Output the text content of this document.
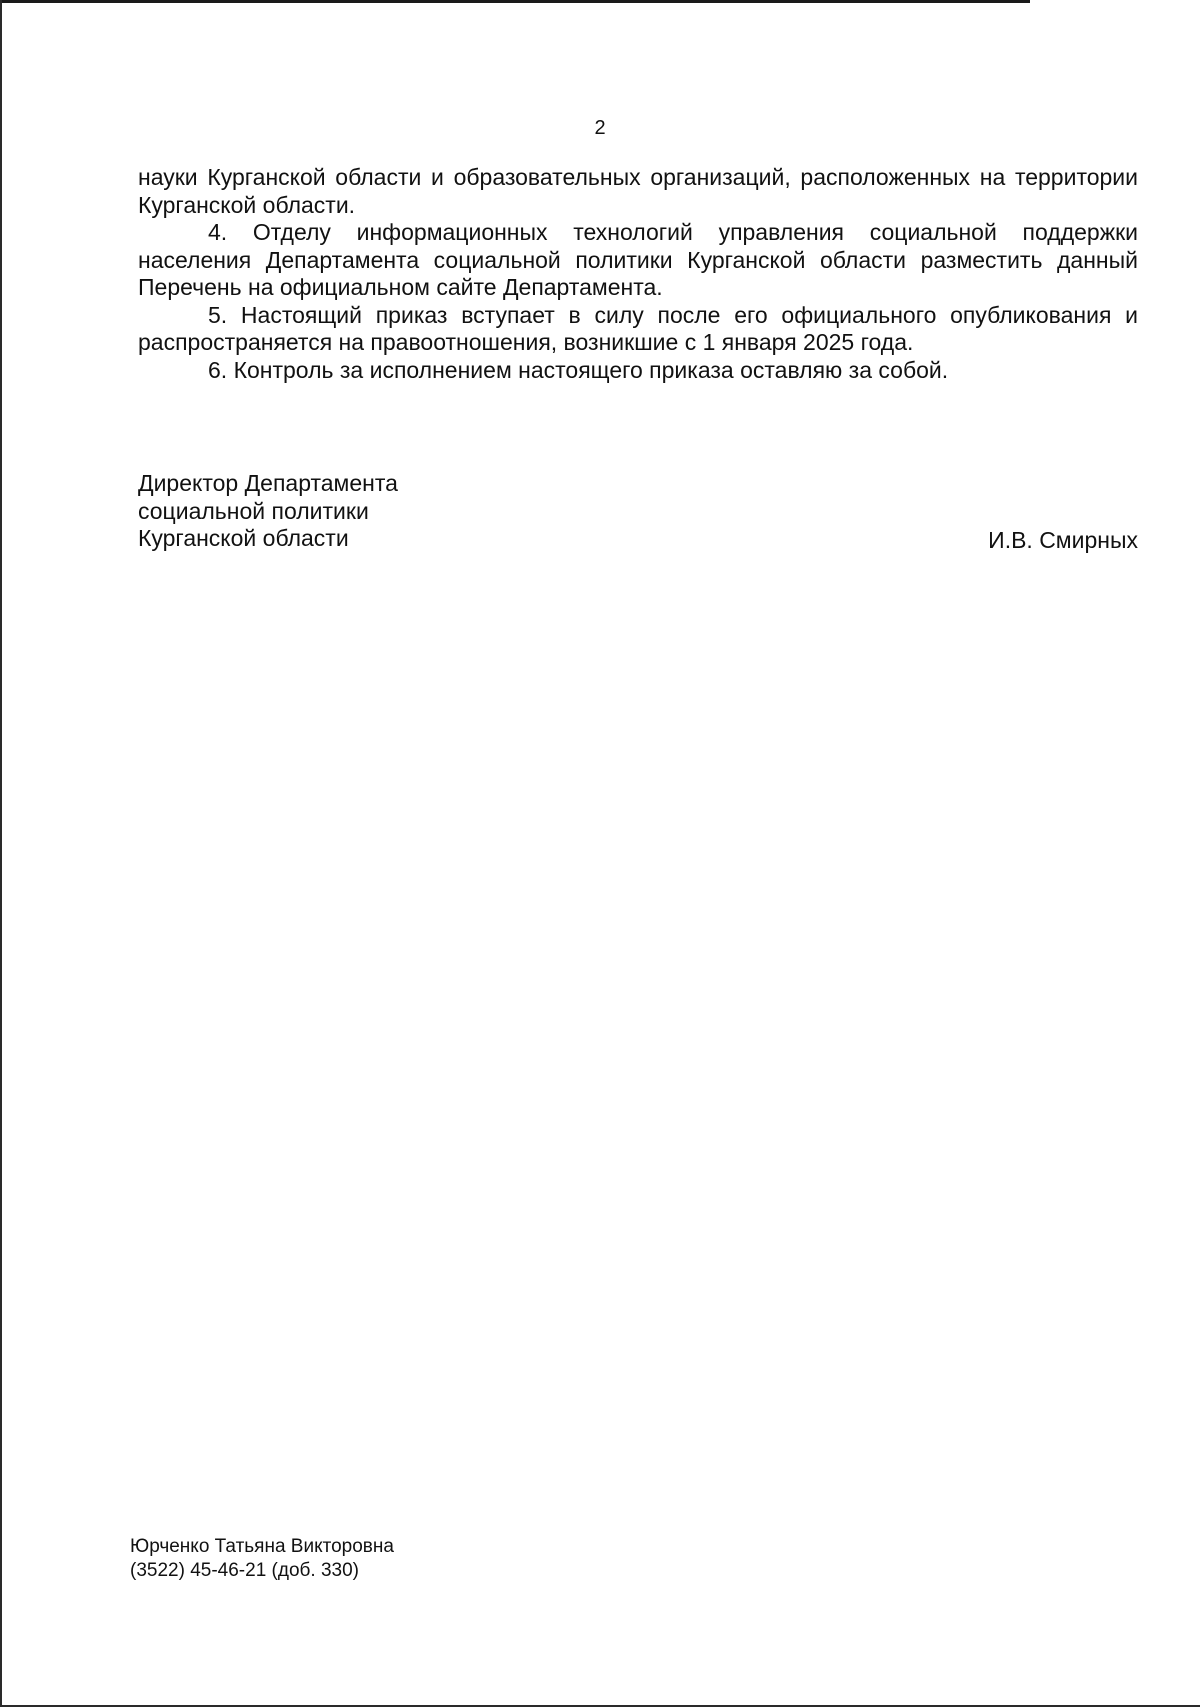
2

науки Курганской области и образовательных организаций, расположенных на территории Курганской области.

4. Отделу информационных технологий управления социальной поддержки населения Департамента социальной политики Курганской области разместить данный Перечень на официальном сайте Департамента.

5. Настоящий приказ вступает в силу после его официального опубликования и распространяется на правоотношения, возникшие с 1 января 2025 года.

6. Контроль за исполнением настоящего приказа оставляю за собой.

Директор Департамента
социальной политики
Курганской области	И.В. Смирных
Юрченко Татьяна Викторовна
(3522) 45-46-21 (доб. 330)
